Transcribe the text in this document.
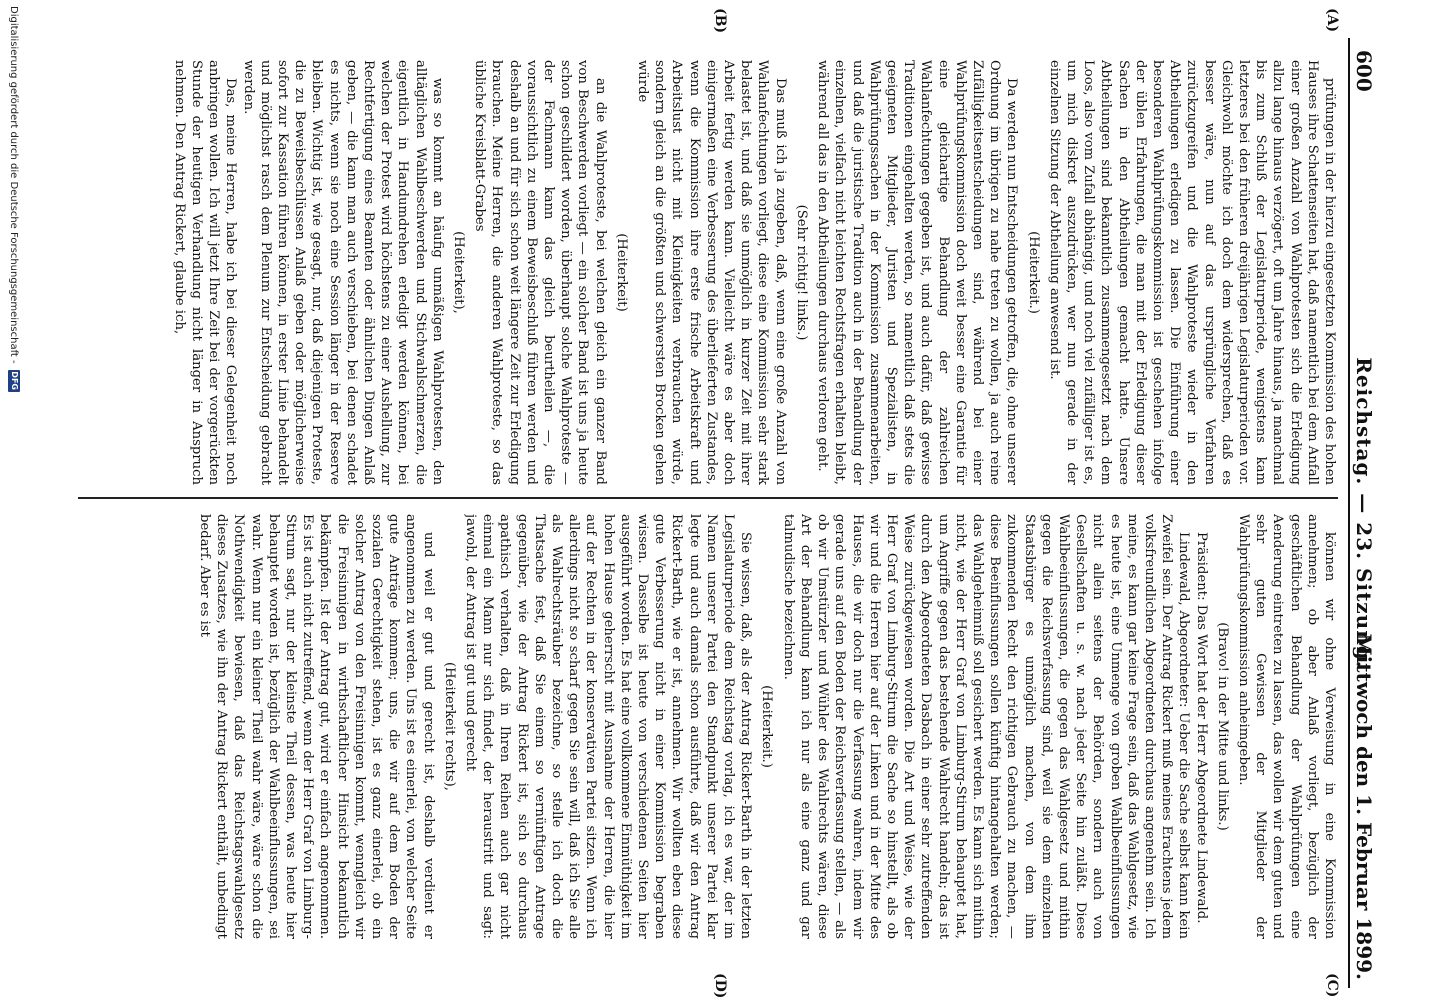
600
Reichstag. — 23. Sitzung.
Mittwoch den 1. Februar 1899.
(A)
(B)
(C)
(D)

prüfungen in der hierzu eingesetzten Kommission des hohen Hauses ihre Schattenseiten hat, daß namentlich bei dem Anfall einer großen Anzahl von Wahlprotesten sich die Erledigung allzu lange hinaus verzögert, oft um Jahre hinaus, ja manchmal bis zum Schluß der Legislaturperiode, wenigstens kam letzteres bei den früheren dreijährigen Legislaturperioden vor. Gleichwohl möchte ich doch dem widersprechen, daß es besser wäre, nun auf das ursprüngliche Verfahren zurückzugreifen und die Wahlproteste wieder in den Abtheilungen erledigen zu lassen. Die Einführung einer besonderen Wahlprüfungskommission ist geschehen infolge der üblen Erfahrungen, die man mit der Erledigung dieser Sachen in den Abtheilungen gemacht hatte. Unsere Abtheilungen sind bekanntlich zusammengesetzt nach dem Loos, also vom Zufall abhängig, und noch viel zufälliger ist es, um mich diskret auszudrücken, wer nun gerade in der einzelnen Sitzung der Abtheilung anwesend ist.

(Heiterkeit.)

Da werden nun Entscheidungen getroffen, die, ohne unserer Ordnung im übrigen zu nahe treten zu wollen, ja auch reine Zufälligkeitsentscheidungen sind, während bei einer Wahlprüfungskommission doch weit besser eine Garantie für eine gleichartige Behandlung der zahlreichen Wahlanfechtungen gegeben ist, und auch dafür, daß gewisse Traditionen eingehalten werden, so namentlich daß stets die geeigneten Mitglieder, Juristen und Spezialisten, in Wahlprüfungssachen in der Kommission zusammenarbeiten, und daß die juristische Tradition auch in der Behandlung der einzelnen, vielfach nicht leichten Rechtsfragen erhalten bleibt, während all das in den Abtheilungen durchaus verloren geht.

(Sehr richtig! links.)

Das muß ich ja zugeben, daß, wenn eine große Anzahl von Wahlanfechtungen vorliegt, diese eine Kommission sehr stark belastet ist, und daß sie unmöglich in kurzer Zeit mit ihrer Arbeit fertig werden kann. Vielleicht wäre es aber doch einigermaßen eine Verbesserung des überlieferten Zustandes, wenn die Kommission ihre erste frische Arbeitskraft und Arbeitslust nicht mit Kleinigkeiten verbrauchen würde, sondern gleich an die größten und schwersten Brocken gehen würde

(Heiterkeit)

an die Wahlproteste, bei welchen gleich ein ganzer Band von Beschwerden vorliegt — ein solcher Band ist uns ja heute schon geschildert worden, überhaupt solche Wahlproteste — der Fachmann kann das gleich beurtheilen —, die voraussichtlich zu einem Beweisbeschluß führen werden und deshalb an und für sich schon weit längere Zeit zur Erledigung brauchen. Meine Herren, die anderen Wahlproteste, so das übliche Kreisblatt-Grabes

(Heiterkeit),

was so kommt an häufig unmäßigen Wahlprotesten, den alltäglichen Wahlbeschwerden und Stichwahlschmerzen, die eigentlich in Handumdrehen erledigt werden können, bei welchen der Protest wird höchstens zu einer Aushellung, zur Rechtfertigung eines Beamten oder ähnlichen Dingen Anlaß geben, — die kann man auch verschieben, bei denen schadet es nichts, wenn sie noch eine Session länger in der Reserve bleiben. Wichtig ist, wie gesagt, nur, daß diejenigen Proteste, die zu Beweisbeschlüssen Anlaß geben oder möglicherweise sofort zur Kassation führen können, in erster Linie behandelt und möglichst rasch dem Plenum zur Entscheidung gebracht werden.

Das, meine Herren, habe ich bei dieser Gelegenheit noch anbringen wollen. Ich will jetzt Ihre Zeit bei der vorgerückten Stunde der heutigen Verhandlung nicht länger in Anspruch nehmen. Den Antrag Rickert, glaube ich,

können wir ohne Verweisung in eine Kommission annehmen; ob aber Anlaß vorliegt, bezüglich der geschäftlichen Behandlung der Wahlprüfungen eine Aenderung eintreten zu lassen, das wollen wir dem guten und sehr guten Gewissen der Mitglieder der Wahlprüfungskommission anheimgeben.

(Bravo! in der Mitte und links.)

Präsident: Das Wort hat der Herr Abgeordnete Lindewald.

Lindewald, Abgeordneter: Ueber die Sache selbst kann kein Zweifel sein. Der Antrag Rickert muß meines Erachtens jedem volksfreundlichen Abgeordneten durchaus angenehm sein. Ich meine, es kann gar keine Frage sein, daß das Wahlgesetz, wie es heute ist, eine Unmenge von groben Wahlbeeinflussungen nicht allein seitens der Behörden, sondern auch von Gesellschaften u. s. w. nach jeder Seite hin zuläßt. Diese Wahlbeeinflussungen, die gegen das Wahlgesetz und mithin gegen die Reichsverfassung sind, weil sie dem einzelnen Staatsbürger es unmöglich machen, von dem ihm zukommenden Recht den richtigen Gebrauch zu machen, — diese Beeinflussungen sollen künftig hintangehalten werden; das Wahlgeheimniß soll gesichert werden. Es kann sich mithin nicht, wie der Herr Graf von Limburg-Stirum behauptet hat, um Angriffe gegen das bestehende Wahlrecht handeln; das ist durch den Abgeordneten Dasbach in einer sehr zutreffenden Weise zurückgewiesen worden. Die Art und Weise, wie der Herr Graf von Limburg-Stirum die Sache so hinstellt, als ob wir und die Herren hier auf der Linken und in der Mitte des Hauses, die wir doch nur die Verfassung wahren, indem wir gerade uns auf den Boden der Reichsverfassung stellen, — als ob wir Umstürzler und Wühler des Wahlrechts wären, diese Art der Behandlung kann ich nur als eine ganz und gar talmudische bezeichnen.

(Heiterkeit.)

Sie wissen, daß, als der Antrag Rickert-Barth in der letzten Legislaturperiode dem Reichstag vorlag, ich es war, der im Namen unserer Partei den Standpunkt unserer Partei klar legte und auch damals schon ausführte, daß wir den Antrag Rickert-Barth, wie er ist, annehmen. Wir wollten eben diese gute Verbesserung nicht in einer Kommission begraben wissen. Dasselbe ist heute von verschiedenen Seiten hier ausgeführt worden. Es hat eine vollkommene Einmüthigkeit im hohen Hause geherrscht mit Ausnahme der Herren, die hier auf der Rechten in der konservativen Partei sitzen. Wenn ich allerdings nicht so scharf gegen Sie sein will, daß ich Sie alle als Wahlrechtsräuber bezeichne, so stelle ich doch die Thatsache fest, daß Sie einem so vernünftigen Antrage gegenüber, wie der Antrag Rickert ist, sich so durchaus apathisch verhalten, daß in Ihren Reihen auch gar nicht einmal ein Mann nur sich findet, der heraustritt und sagt: jawohl, der Antrag ist gut und gerecht

(Heiterkeit rechts),

und weil er gut und gerecht ist, deshalb verdient er angenommen zu werden. Uns ist es einerlei, von welcher Seite gute Anträge kommen; uns, die wir auf dem Boden der sozialen Gerechtigkeit stehen, ist es ganz einerlei, ob ein solcher Antrag von den Freisinnigen kommt, wenngleich wir die Freisinnigen in wirthschaftlicher Hinsicht bekanntlich bekämpfen. Ist der Antrag gut, wird er einfach angenommen. Es ist auch nicht zutreffend, wenn der Herr Graf von Limburg-Stirum sagt, nur der kleinste Theil dessen, was heute hier behauptet worden ist, bezüglich der Wahlbeeinflussungen, sei wahr. Wenn nur ein kleiner Theil wahr wäre, wäre schon die Nothwendigkeit bewiesen, daß das Reichstagswahlgesetz dieses Zusatzes, wie ihn der Antrag Rickert enthält, unbedingt bedarf. Aber es ist

Digitalisierung gefördert durch die Deutsche Forschungsgemeinschaft -
DFG
